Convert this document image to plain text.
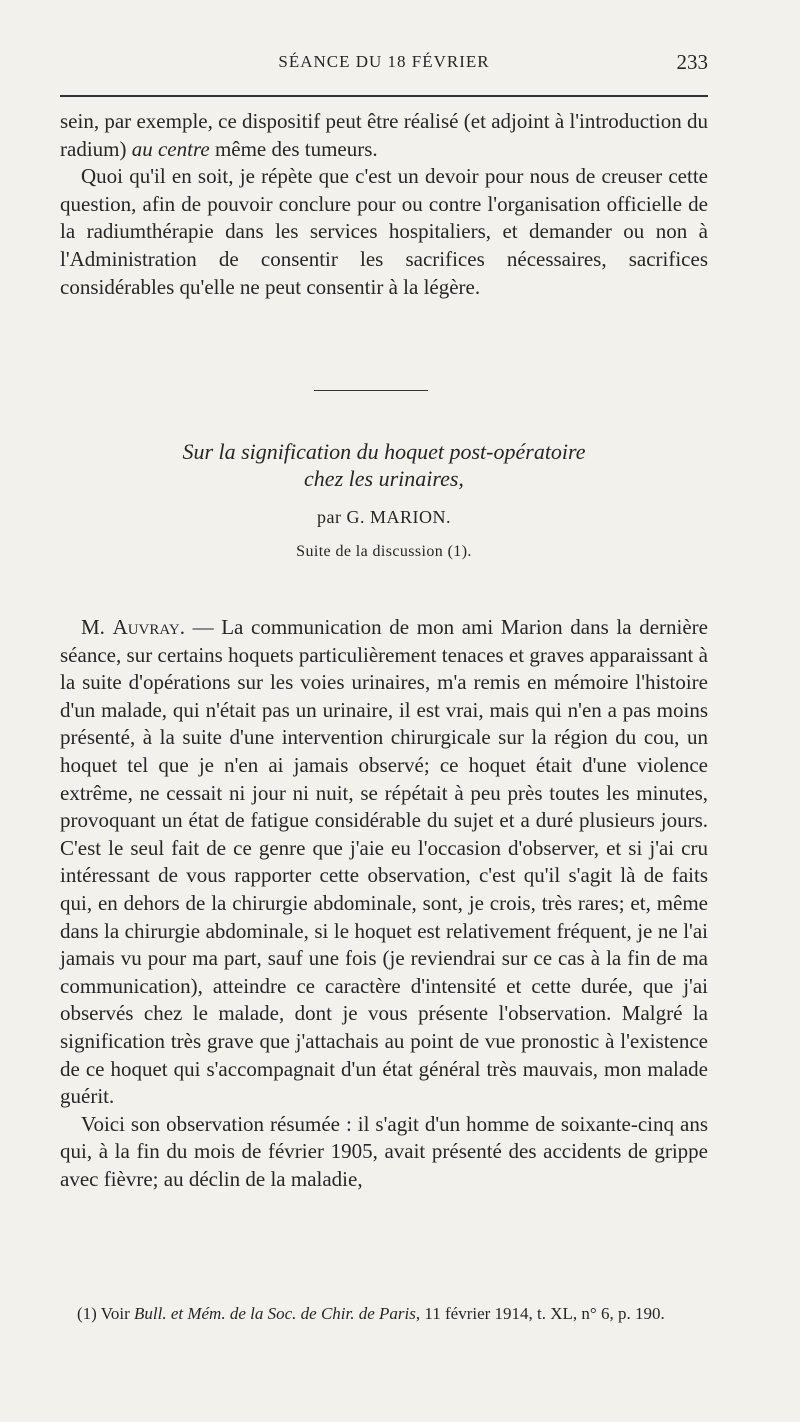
SÉANCE DU 18 FÉVRIER	233

sein, par exemple, ce dispositif peut être réalisé (et adjoint à l'introduction du radium) au centre même des tumeurs.

Quoi qu'il en soit, je répète que c'est un devoir pour nous de creuser cette question, afin de pouvoir conclure pour ou contre l'organisation officielle de la radiumthérapie dans les services hospitaliers, et demander ou non à l'Administration de consentir les sacrifices nécessaires, sacrifices considérables qu'elle ne peut consentir à la légère.

Sur la signification du hoquet post-opératoire
chez les urinaires,
par G. MARION.
Suite de la discussion (1).

M. Auvray. — La communication de mon ami Marion dans la dernière séance, sur certains hoquets particulièrement tenaces et graves apparaissant à la suite d'opérations sur les voies urinaires, m'a remis en mémoire l'histoire d'un malade, qui n'était pas un urinaire, il est vrai, mais qui n'en a pas moins présenté, à la suite d'une intervention chirurgicale sur la région du cou, un hoquet tel que je n'en ai jamais observé; ce hoquet était d'une violence extrême, ne cessait ni jour ni nuit, se répétait à peu près toutes les minutes, provoquant un état de fatigue considérable du sujet et a duré plusieurs jours. C'est le seul fait de ce genre que j'aie eu l'occasion d'observer, et si j'ai cru intéressant de vous rapporter cette observation, c'est qu'il s'agit là de faits qui, en dehors de la chirurgie abdominale, sont, je crois, très rares; et, même dans la chirurgie abdominale, si le hoquet est relativement fréquent, je ne l'ai jamais vu pour ma part, sauf une fois (je reviendrai sur ce cas à la fin de ma communication), atteindre ce caractère d'intensité et cette durée, que j'ai observés chez le malade, dont je vous présente l'observation. Malgré la signification très grave que j'attachais au point de vue pronostic à l'existence de ce hoquet qui s'accompagnait d'un état général très mauvais, mon malade guérit.

Voici son observation résumée : il s'agit d'un homme de soixante-cinq ans qui, à la fin du mois de février 1905, avait présenté des accidents de grippe avec fièvre; au déclin de la maladie,

(1) Voir Bull. et Mém. de la Soc. de Chir. de Paris, 11 février 1914, t. XL, n° 6, p. 190.
